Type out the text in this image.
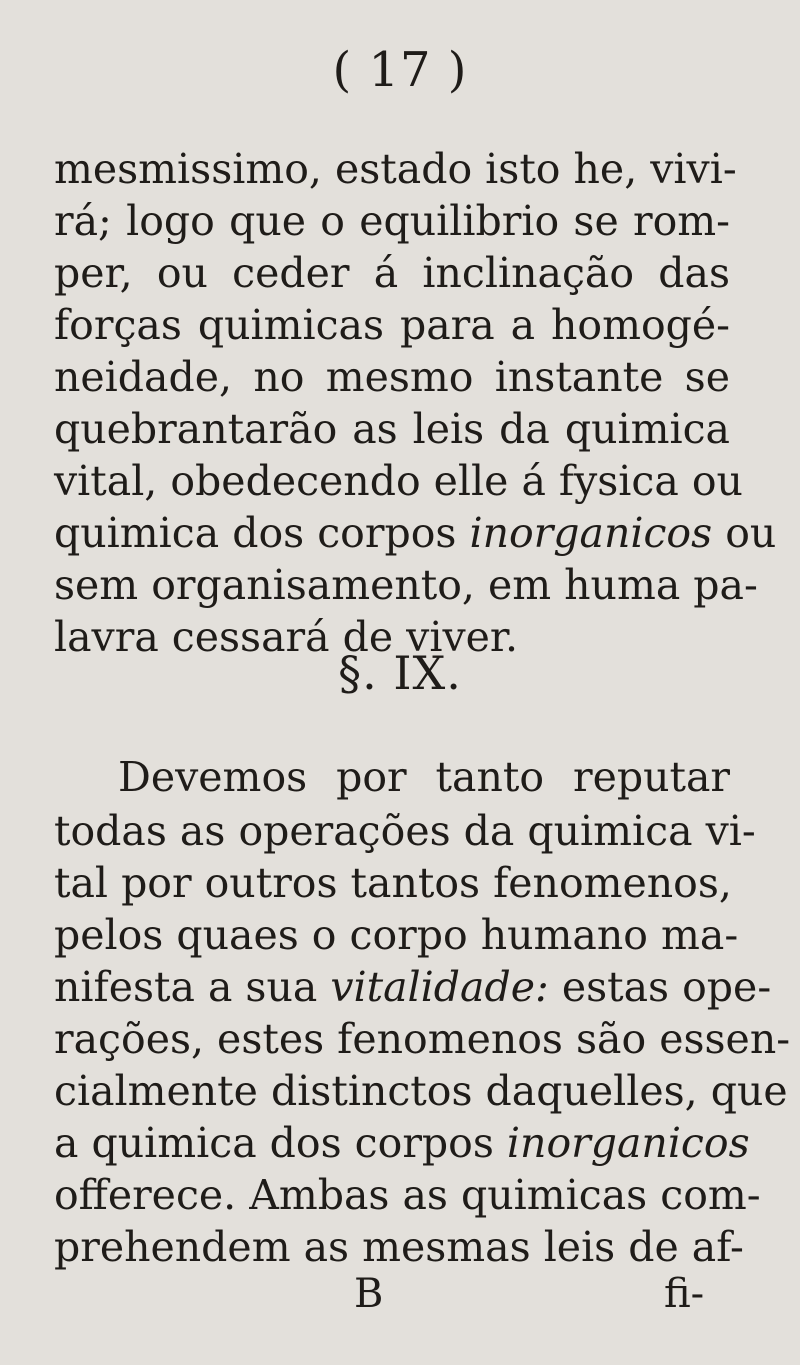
( 17 )
mesmissimo, estado isto he, vivi-
rá; logo que o equilibrio se rom-
per, ou ceder á inclinação das
forças quimicas para a homogé-
neidade, no mesmo instante se
quebrantarão as leis da quimica
vital, obedecendo elle á fysica ou
quimica dos corpos inorganicos ou
sem organisamento, em huma pa-
lavra cessará de viver.
§. IX.
Devemos por tanto reputar
todas as operações da quimica vi-
tal por outros tantos fenomenos,
pelos quaes o corpo humano ma-
nifesta a sua vitalidade: estas ope-
rações, estes fenomenos são essen-
cialmente distinctos daquelles, que
a quimica dos corpos inorganicos
offerece. Ambas as quimicas com-
prehendem as mesmas leis de af-
B	fi-
